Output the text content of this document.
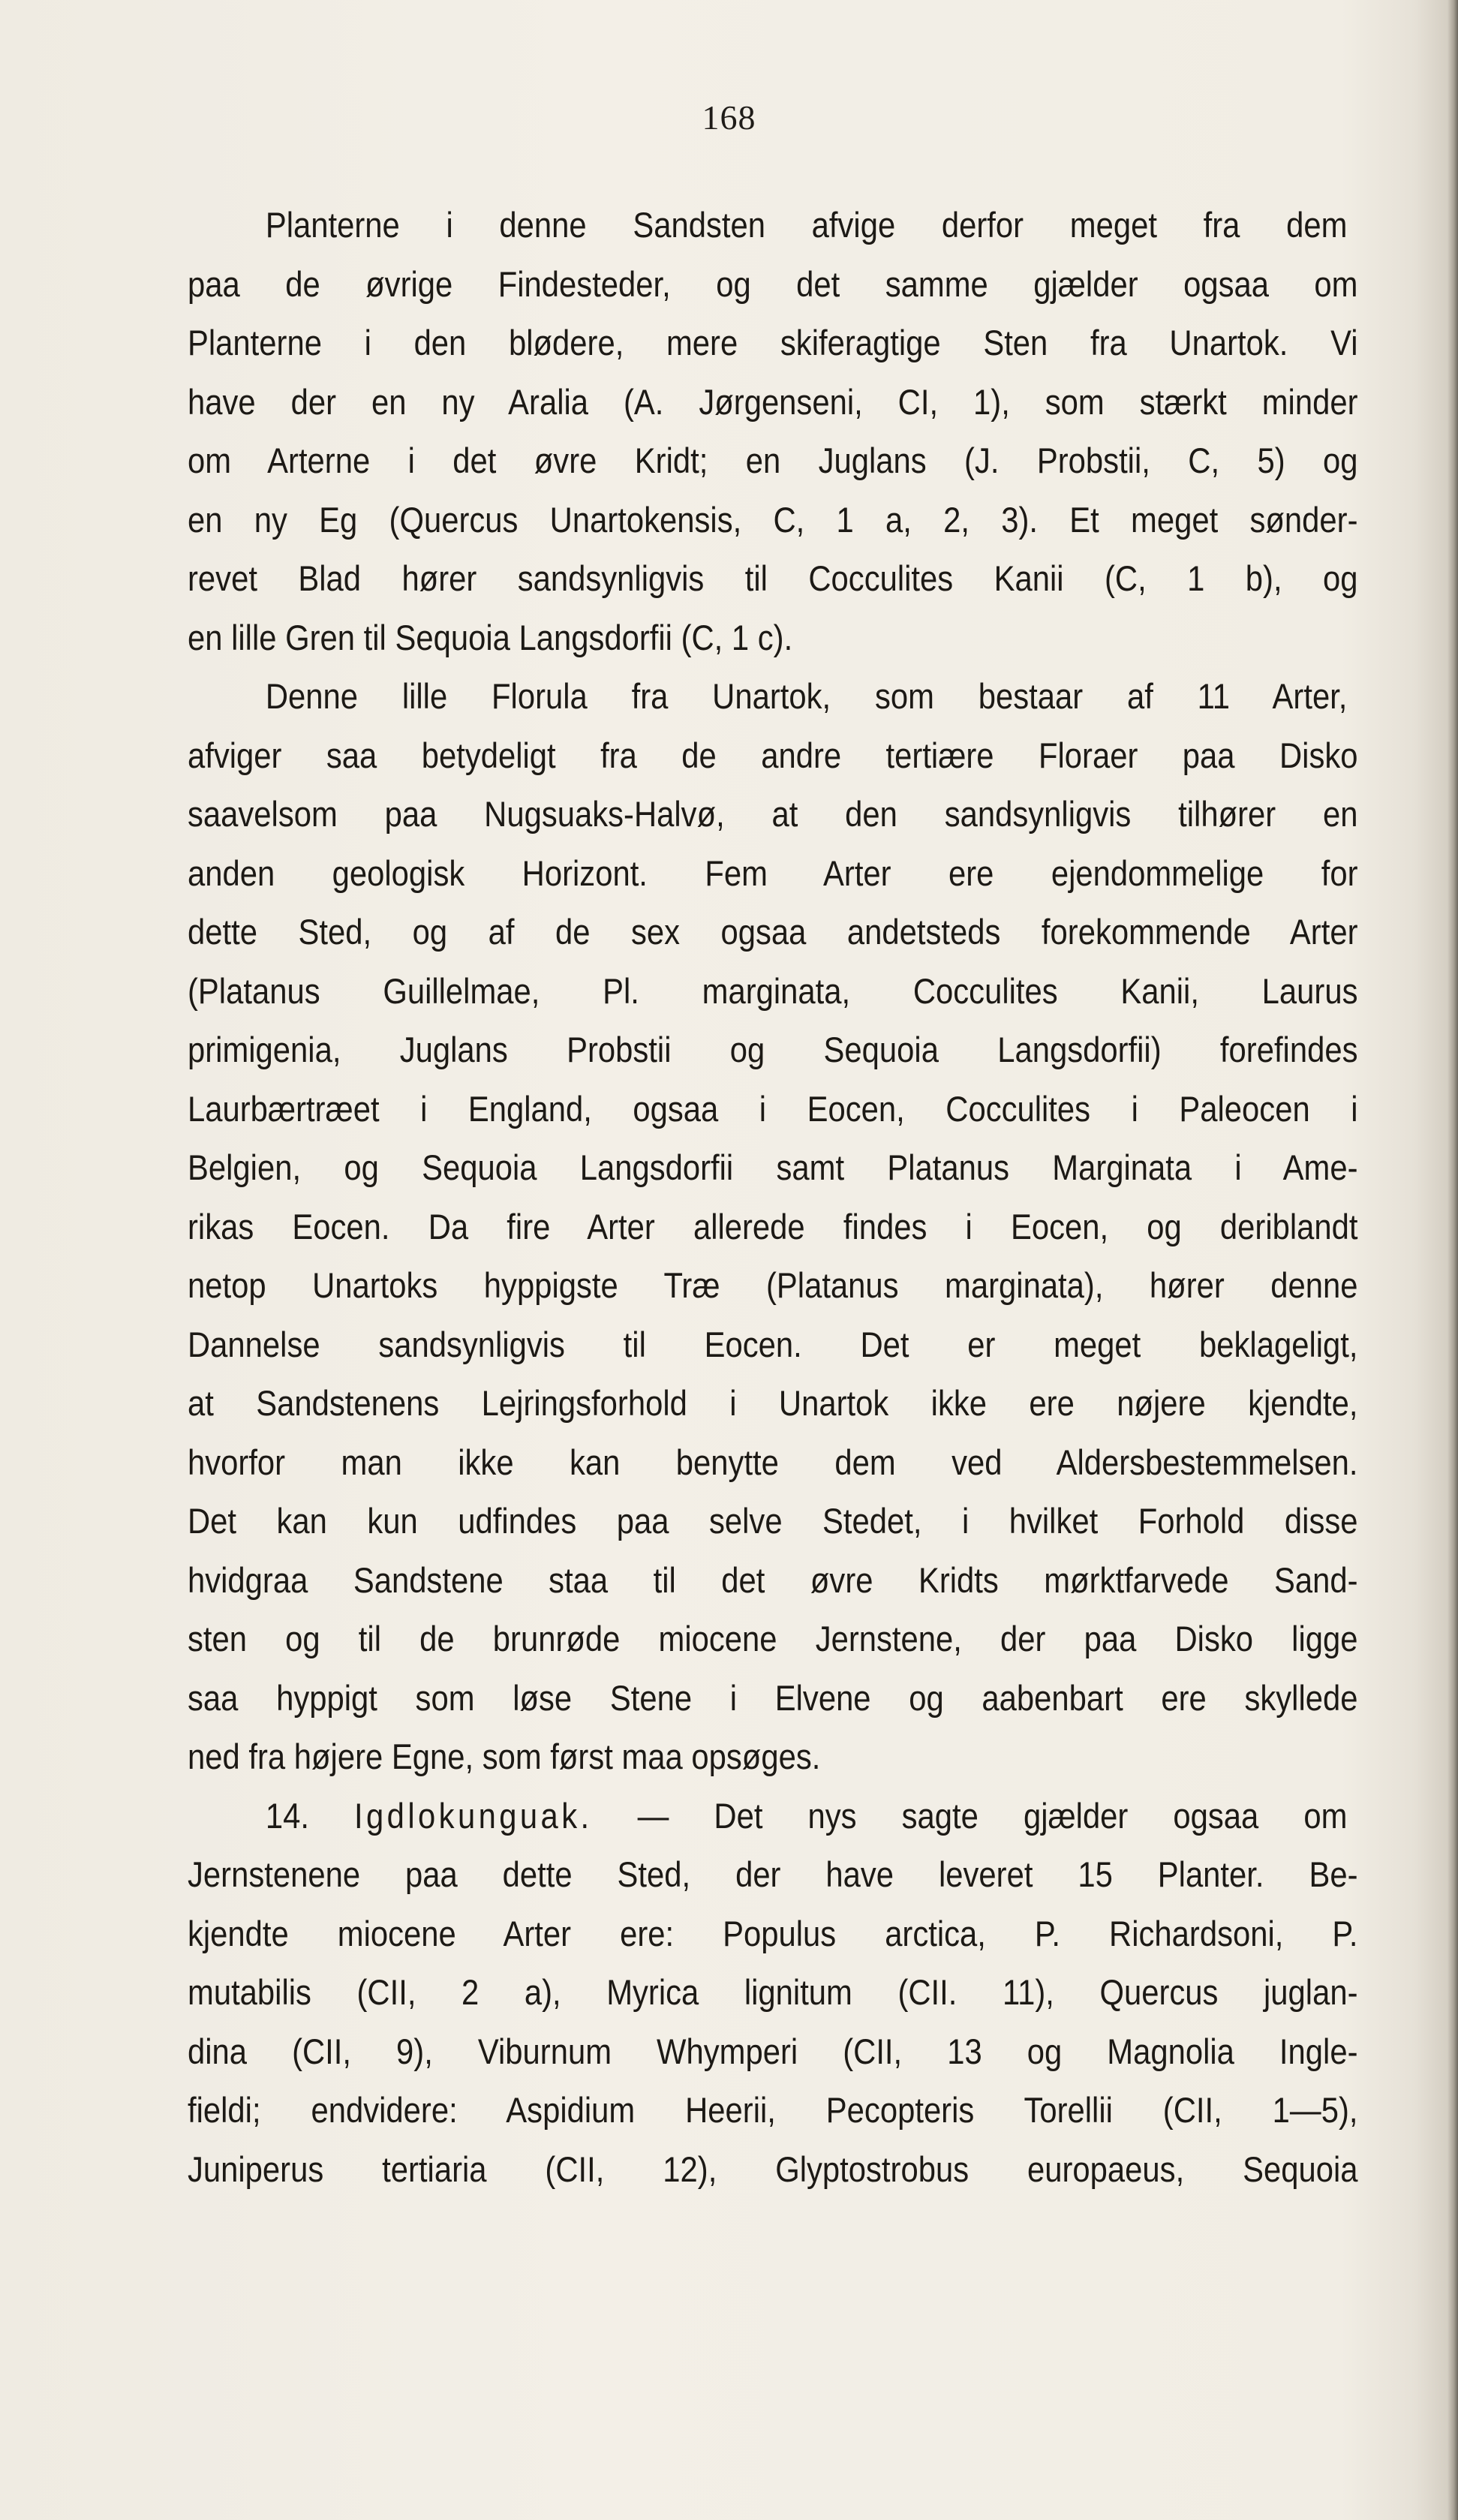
168
Planterne i denne Sandsten afvige derfor meget fra dem
paa de øvrige Findesteder, og det samme gjælder ogsaa om
Planterne i den blødere, mere skiferagtige Sten fra Unartok. Vi
have der en ny Aralia (A. Jørgenseni, CI, 1), som stærkt minder
om Arterne i det øvre Kridt; en Juglans (J. Probstii, C, 5) og
en ny Eg (Quercus Unartokensis, C, 1 a, 2, 3). Et meget sønder-
revet Blad hører sandsynligvis til Cocculites Kanii (C, 1 b), og
en lille Gren til Sequoia Langsdorfii (C, 1 c).
Denne lille Florula fra Unartok, som bestaar af 11 Arter,
afviger saa betydeligt fra de andre tertiære Floraer paa Disko
saavelsom paa Nugsuaks-Halvø, at den sandsynligvis tilhører en
anden geologisk Horizont. Fem Arter ere ejendommelige for
dette Sted, og af de sex ogsaa andetsteds forekommende Arter
(Platanus Guillelmae, Pl. marginata, Cocculites Kanii, Laurus
primigenia, Juglans Probstii og Sequoia Langsdorfii) forefindes
Laurbærtræet i England, ogsaa i Eocen, Cocculites i Paleocen i
Belgien, og Sequoia Langsdorfii samt Platanus Marginata i Ame-
rikas Eocen. Da fire Arter allerede findes i Eocen, og deriblandt
netop Unartoks hyppigste Træ (Platanus marginata), hører denne
Dannelse sandsynligvis til Eocen. Det er meget beklageligt,
at Sandstenens Lejringsforhold i Unartok ikke ere nøjere kjendte,
hvorfor man ikke kan benytte dem ved Aldersbestemmelsen.
Det kan kun udfindes paa selve Stedet, i hvilket Forhold disse
hvidgraa Sandstene staa til det øvre Kridts mørktfarvede Sand-
sten og til de brunrøde miocene Jernstene, der paa Disko ligge
saa hyppigt som løse Stene i Elvene og aabenbart ere skyllede
ned fra højere Egne, som først maa opsøges.
14. Igdlokunguak. — Det nys sagte gjælder ogsaa om
Jernstenene paa dette Sted, der have leveret 15 Planter. Be-
kjendte miocene Arter ere: Populus arctica, P. Richardsoni, P.
mutabilis (CII, 2 a), Myrica lignitum (CII. 11), Quercus juglan-
dina (CII, 9), Viburnum Whymperi (CII, 13 og Magnolia Ingle-
fieldi; endvidere: Aspidium Heerii, Pecopteris Torellii (CII, 1—5),
Juniperus tertiaria (CII, 12), Glyptostrobus europaeus, Sequoia
